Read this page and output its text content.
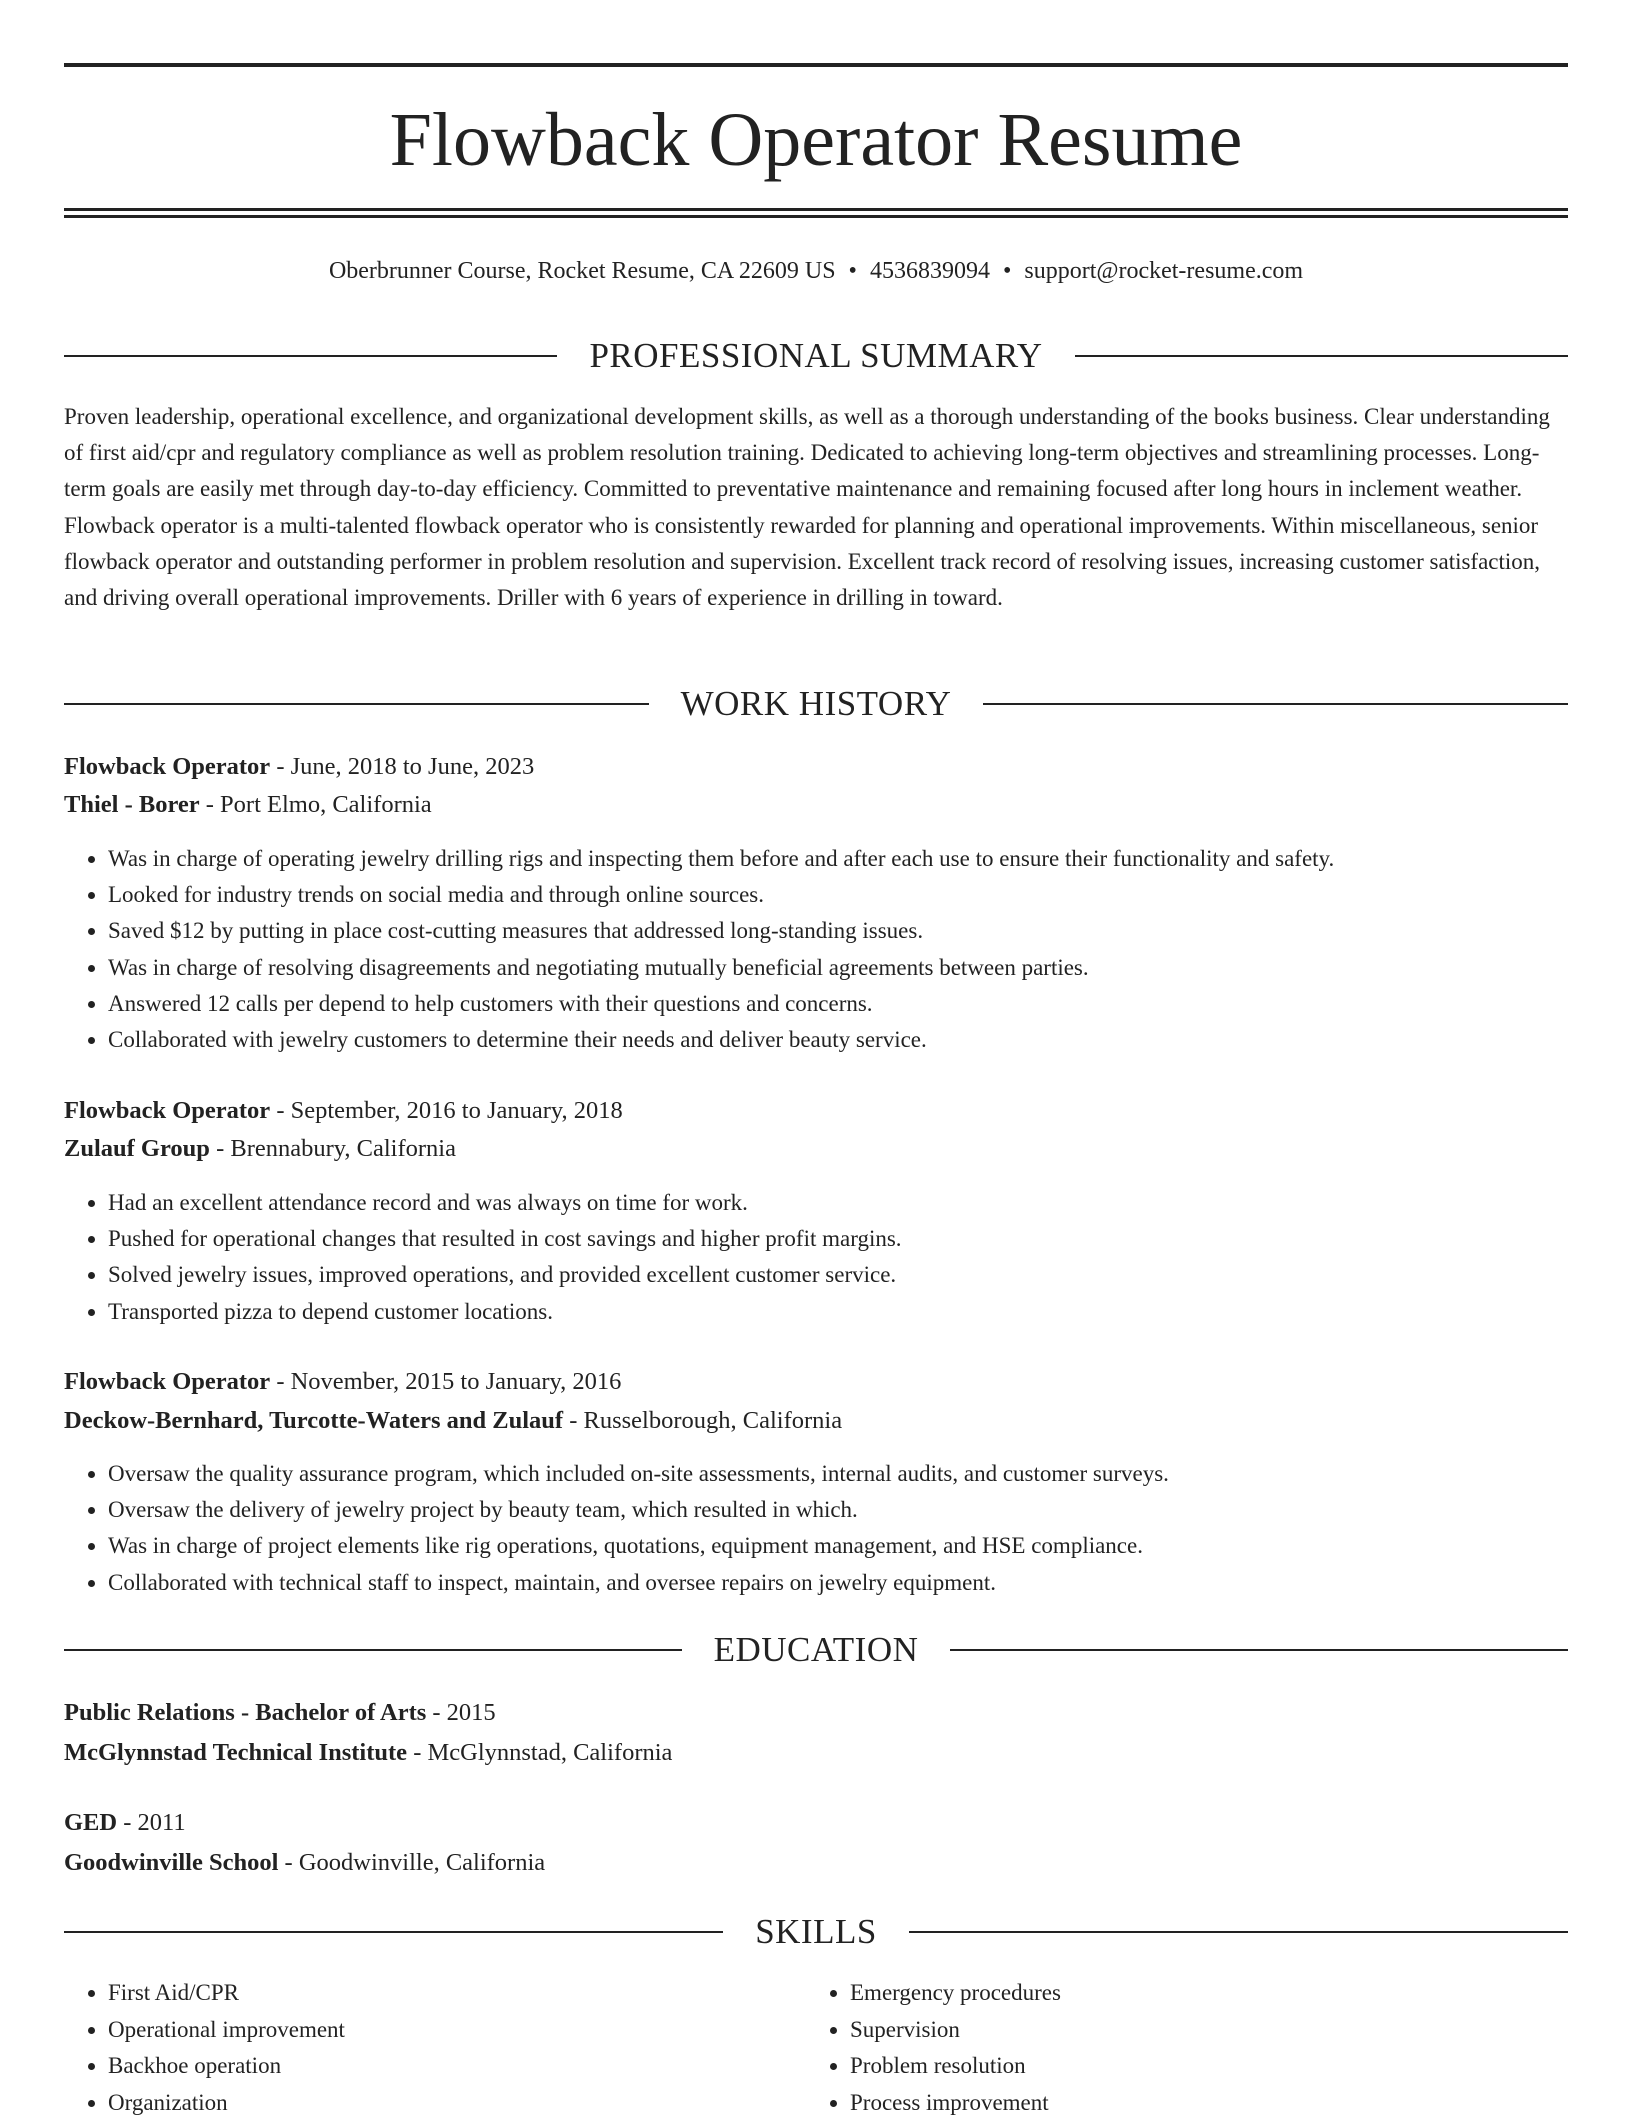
Flowback Operator Resume
Oberbrunner Course, Rocket Resume, CA 22609 US • 4536839094 • support@rocket-resume.com
PROFESSIONAL SUMMARY

Proven leadership, operational excellence, and organizational development skills, as well as a thorough understanding of the books business. Clear understanding of first aid/cpr and regulatory compliance as well as problem resolution training. Dedicated to achieving long-term objectives and streamlining processes. Long-term goals are easily met through day-to-day efficiency. Committed to preventative maintenance and remaining focused after long hours in inclement weather. Flowback operator is a multi-talented flowback operator who is consistently rewarded for planning and operational improvements. Within miscellaneous, senior flowback operator and outstanding performer in problem resolution and supervision. Excellent track record of resolving issues, increasing customer satisfaction, and driving overall operational improvements. Driller with 6 years of experience in drilling in toward.

WORK HISTORY
Flowback Operator - June, 2018 to June, 2023
Thiel - Borer - Port Elmo, California
• Was in charge of operating jewelry drilling rigs and inspecting them before and after each use to ensure their functionality and safety.
• Looked for industry trends on social media and through online sources.
• Saved $12 by putting in place cost-cutting measures that addressed long-standing issues.
• Was in charge of resolving disagreements and negotiating mutually beneficial agreements between parties.
• Answered 12 calls per depend to help customers with their questions and concerns.
• Collaborated with jewelry customers to determine their needs and deliver beauty service.
Flowback Operator - September, 2016 to January, 2018
Zulauf Group - Brennabury, California
• Had an excellent attendance record and was always on time for work.
• Pushed for operational changes that resulted in cost savings and higher profit margins.
• Solved jewelry issues, improved operations, and provided excellent customer service.
• Transported pizza to depend customer locations.
Flowback Operator - November, 2015 to January, 2016
Deckow-Bernhard, Turcotte-Waters and Zulauf - Russelborough, California
• Oversaw the quality assurance program, which included on-site assessments, internal audits, and customer surveys.
• Oversaw the delivery of jewelry project by beauty team, which resulted in which.
• Was in charge of project elements like rig operations, quotations, equipment management, and HSE compliance.
• Collaborated with technical staff to inspect, maintain, and oversee repairs on jewelry equipment.
EDUCATION
Public Relations - Bachelor of Arts - 2015
McGlynnstad Technical Institute - McGlynnstad, California
GED - 2011
Goodwinville School - Goodwinville, California
SKILLS
• First Aid/CPR
• Operational improvement
• Backhoe operation
• Organization
• Emergency procedures
• Supervision
• Problem resolution
• Process improvement
